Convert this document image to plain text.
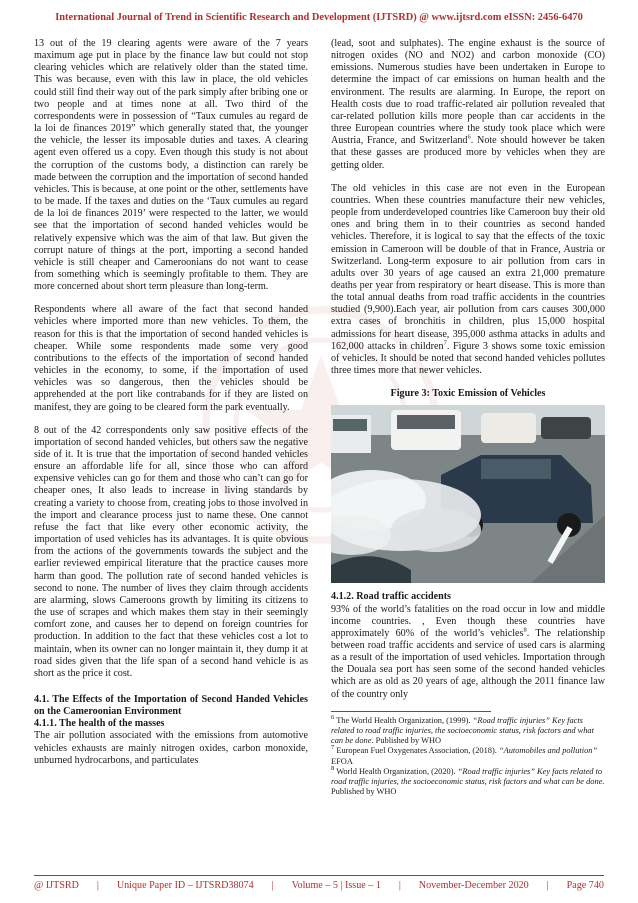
International Journal of Trend in Scientific Research and Development (IJTSRD) @ www.ijtsrd.com eISSN: 2456-6470

13 out of the 19 clearing agents were aware of the 7 years maximum age put in place by the finance law but could not stop clearing vehicles which are relatively older than the stated time. This was because, even with this law in place, the old vehicles could still find their way out of the park simply after bribing one or two people and at times none at all. Two third of the correspondents were in possession of “Taux cumules au regard de la loi de finances 2019” which generally stated that, the younger the vehicle, the lesser its imposable duties and taxes. A clearing agent even offered us a copy. Even though this study is not about the corruption of the customs body, a distinction can rarely be made between the corruption and the importation of second handed vehicles. This is because, at one point or the other, settlements have to be made. If the taxes and duties on the ‘Taux cumules au regard de la loi de finances 2019’ were respected to the latter, we would see that the importation of second handed vehicles would be relatively expensive which was the aim of that law. But given the corrupt nature of things at the port, importing a second handed vehicle is still cheaper and Cameroonians do not want to cease from something which is seemingly profitable to them. They are more concerned about short term pleasure than long-term.

Respondents where all aware of the fact that second handed vehicles where imported more than new vehicles. To them, the reason for this is that the importation of second handed vehicles is cheaper. While some respondents made some very good contributions to the effects of the importation of second handed vehicles in the economy, to some, if the importation of used vehicles was so dangerous, then the vehicles should be apprehended at the port like contrabands for if they are listed on manifest, they are going to be cleared form the park eventually.

8 out of the 42 correspondents only saw positive effects of the importation of second handed vehicles, but others saw the negative side of it. It is true that the importation of second handed vehicles ensure an affordable life for all, since those who can afford expensive vehicles can go for them and those who can’t can go for cheaper ones, It also leads to increase in living standards by creating a variety to choose from, creating jobs to those involved in the import and clearance process just to name these. One cannot refuse the fact that like every other economic activity, the importation of used vehicles has its advantages. It is quite obvious from the actions of the governments towards the subject and the earlier reviewed empirical literature that the practice causes more harm than good. The pollution rate of second handed vehicles is second to none. The number of lives they claim through accidents are alarming, slows Cameroons growth by limiting its citizens to the use of scrapes and which makes them stay in their seemingly comfort zone, and causes her to depend on foreign countries for production. In addition to the fact that these vehicles cost a lot to maintain, when its owner can no longer maintain it, they dump it at road sides given that the life span of a second hand vehicle is as short as the price it cost.

4.1. The Effects of the Importation of Second Handed Vehicles on the Cameroonian Environment
4.1.1. The health of the masses

The air pollution associated with the emissions from automotive vehicles exhausts are mainly nitrogen oxides, carbon monoxide, unburned hydrocarbons, and particulates

(lead, soot and sulphates). The engine exhaust is the source of nitrogen oxides (NO and NO2) and carbon monoxide (CO) emissions. Numerous studies have been undertaken in Europe to determine the impact of car emissions on human health and the environment. The results are alarming. In Europe, the report on Health costs due to road traffic-related air pollution revealed that car-related pollution kills more people than car accidents in the three European countries where the study took place which were Austria, France, and Switzerland$^6$. Note should however be taken that these gasses are produced more by vehicles when they are getting older.

The old vehicles in this case are not even in the European countries. When these countries manufacture their new vehicles, people from underdeveloped countries like Cameroon buy their old ones and bring them in to their countries as second handed vehicles. Therefore, it is logical to say that the effects of the toxic emission in Cameroon will be double of that in France, Austria or Switzerland. Long-term exposure to air pollution from cars in adults over 30 years of age caused an extra 21,000 premature deaths per year from respiratory or heart disease. This is more than the total annual deaths from road traffic accidents in the countries studied (9,900).Each year, air pollution from cars causes 300,000 extra cases of bronchitis in children, plus 15,000 hospital admissions for heart disease, 395,000 asthma attacks in adults and 162,000 attacks in children$^7$. Figure 3 shows some toxic emission of vehicles. It should be noted that second handed vehicles pollutes three times more that newer vehicles.

Figure 3: Toxic Emission of Vehicles
4.1.2. Road traffic accidents

93% of the world’s fatalities on the road occur in low and middle income countries. , Even though these countries have approximately 60% of the world’s vehicles$^8$. The relationship between road traffic accidents and service of used cars is alarming as a result of the importation of used vehicles. Importation through the Douala sea port has seen some of the second handed vehicles which are as old as 20 years of age, although the 2011 finance law of the country only

$^6$ The World Health Organization, (1999). “Road traffic injuries” Key facts related to road traffic injuries, the socioeconomic status, risk factors and what can be done. Published by WHO

$^7$ European Fuel Oxygenates Association, (2018). “Automobiles and pollution” EFOA

$^8$ World Health Organization, (2020). “Road traffic injuries” Key facts related to road traffic injuries, the socioeconomic status, risk factors and what can be done. Published by WHO

@ IJTSRD | Unique Paper ID – IJTSRD38074 | Volume – 5 | Issue – 1 | November-December 2020 | Page 740
